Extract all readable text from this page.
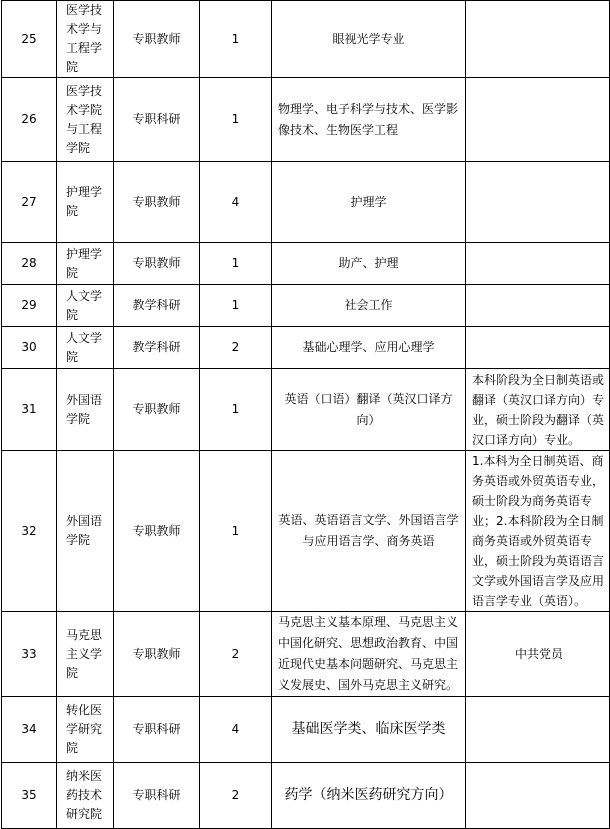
25	医学技术学与工程学院	专职教师	1	眼视光学专业	
26	医学技术学院与工程学院	专职科研	1	物理学、电子科学与技术、医学影像技术、生物医学工程	
27	护理学院	专职教师	4	护理学	
28	护理学院	专职教师	1	助产、护理	
29	人文学院	教学科研	1	社会工作	
30	人文学院	教学科研	2	基础心理学、应用心理学	
31	外国语学院	专职教师	1	英语（口语）翻译（英汉口译方向）	本科阶段为全日制英语或翻译（英汉口译方向）专业，硕士阶段为翻译（英汉口译方向）专业。
32	外国语学院	专职教师	1	英语、英语语言文学、外国语言学与应用语言学、商务英语	1.本科为全日制英语、商务英语或外贸英语专业，硕士阶段为商务英语专业；2.本科阶段为全日制商务英语或外贸英语专业，硕士阶段为英语语言文学或外国语言学及应用语言学专业（英语）。
33	马克思主义学院	专职教师	2	马克思主义基本原理、马克思主义中国化研究、思想政治教育、中国近现代史基本问题研究、马克思主义发展史、国外马克思主义研究。	中共党员
34	转化医学研究院	专职科研	4	基础医学类、临床医学类	
35	纳米医药技术研究院	专职科研	2	药学（纳米医药研究方向）	
